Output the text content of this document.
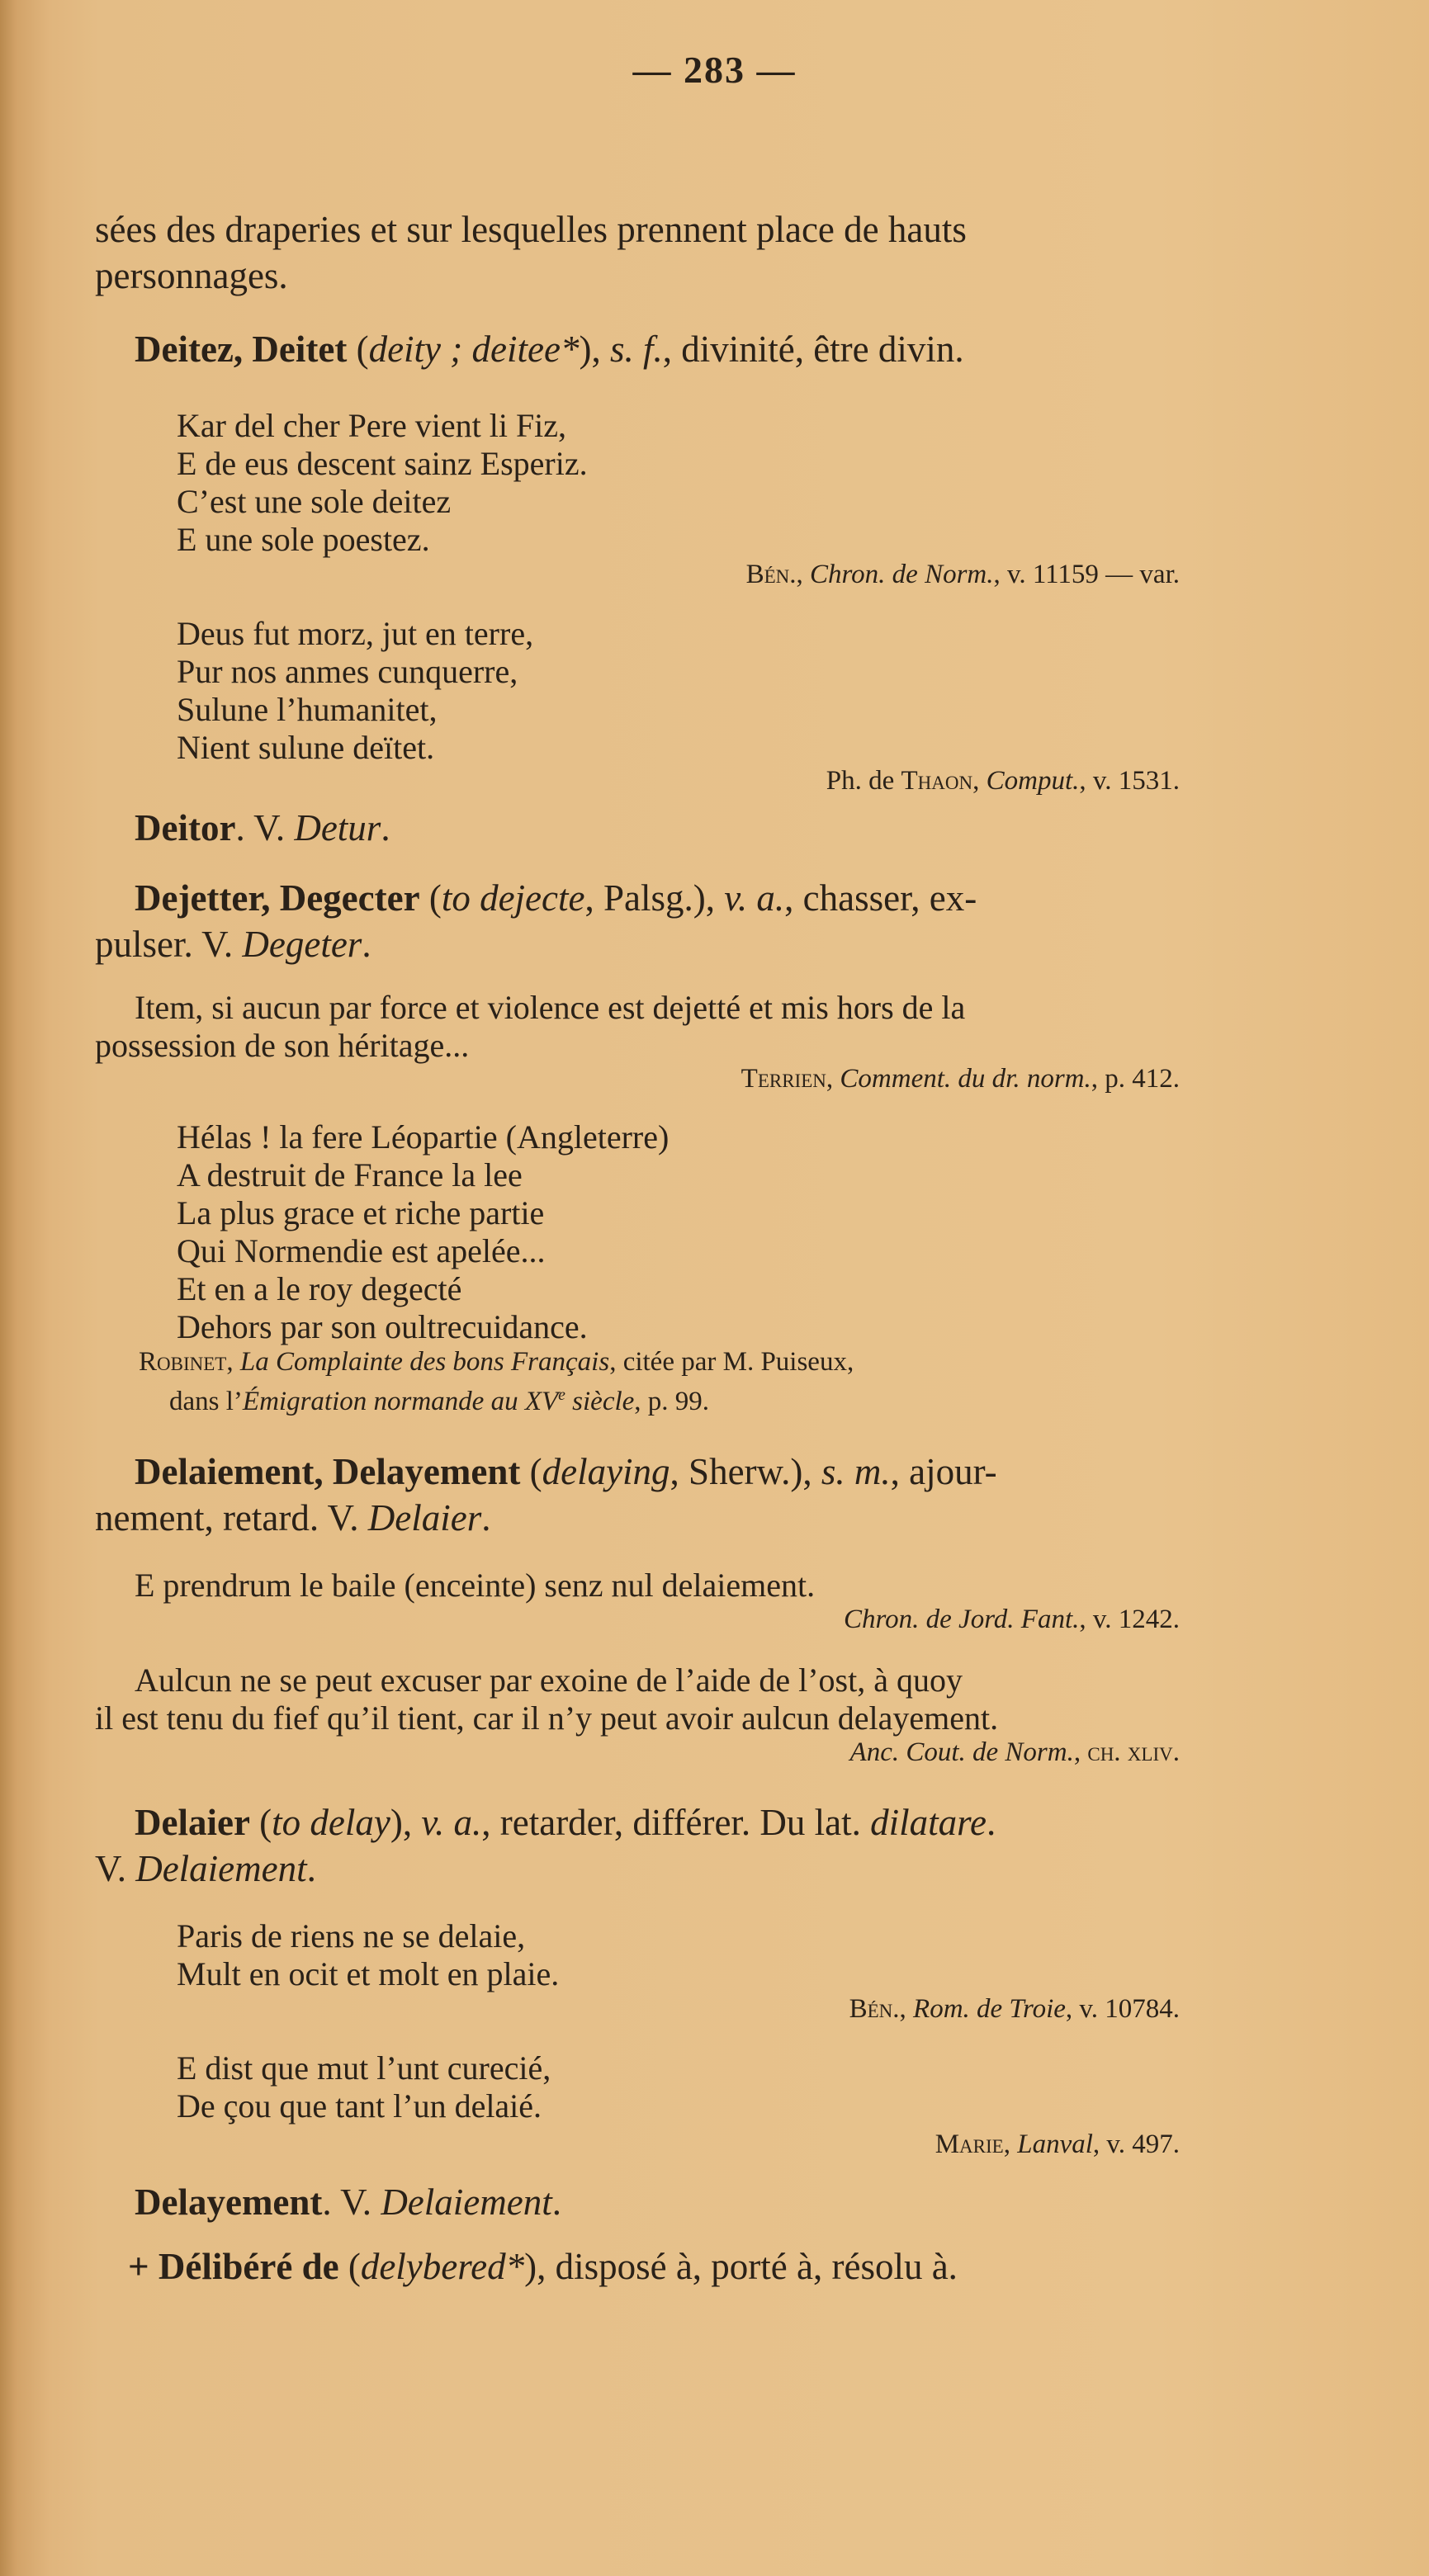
— 283 —
sées des draperies et sur lesquelles prennent place de hauts
personnages.
Deitez, Deitet (deity ; deitee*), s. f., divinité, être divin.
Kar del cher Pere vient li Fiz,
E de eus descent sainz Esperiz.
C’est une sole deitez
E une sole poestez.
Bén., Chron. de Norm., v. 11159 — var.
Deus fut morz, jut en terre,
Pur nos anmes cunquerre,
Sulune l’humanitet,
Nient sulune deïtet.
Ph. de Thaon, Comput., v. 1531.
Deitor. V. Detur.
Dejetter, Degecter (to dejecte, Palsg.), v. a., chasser, ex-
pulser. V. Degeter.
Item, si aucun par force et violence est dejetté et mis hors de la
possession de son héritage...
Terrien, Comment. du dr. norm., p. 412.
Hélas ! la fere Léopartie (Angleterre)
A destruit de France la lee
La plus grace et riche partie
Qui Normendie est apelée...
Et en a le roy degecté
Dehors par son oultrecuidance.
Robinet, La Complainte des bons Français, citée par M. Puiseux,
dans l’Émigration normande au XVe siècle, p. 99.
Delaiement, Delayement (delaying, Sherw.), s. m., ajour-
nement, retard. V. Delaier.
E prendrum le baile (enceinte) senz nul delaiement.
Chron. de Jord. Fant., v. 1242.
Aulcun ne se peut excuser par exoine de l’aide de l’ost, à quoy
il est tenu du fief qu’il tient, car il n’y peut avoir aulcun delayement.
Anc. Cout. de Norm., ch. xliv.
Delaier (to delay), v. a., retarder, différer. Du lat. dilatare.
V. Delaiement.
Paris de riens ne se delaie,
Mult en ocit et molt en plaie.
Bén., Rom. de Troie, v. 10784.
E dist que mut l’unt curecié,
De çou que tant l’un delaié.
Marie, Lanval, v. 497.
Delayement. V. Delaiement.
+ Délibéré de (delybered*), disposé à, porté à, résolu à.
